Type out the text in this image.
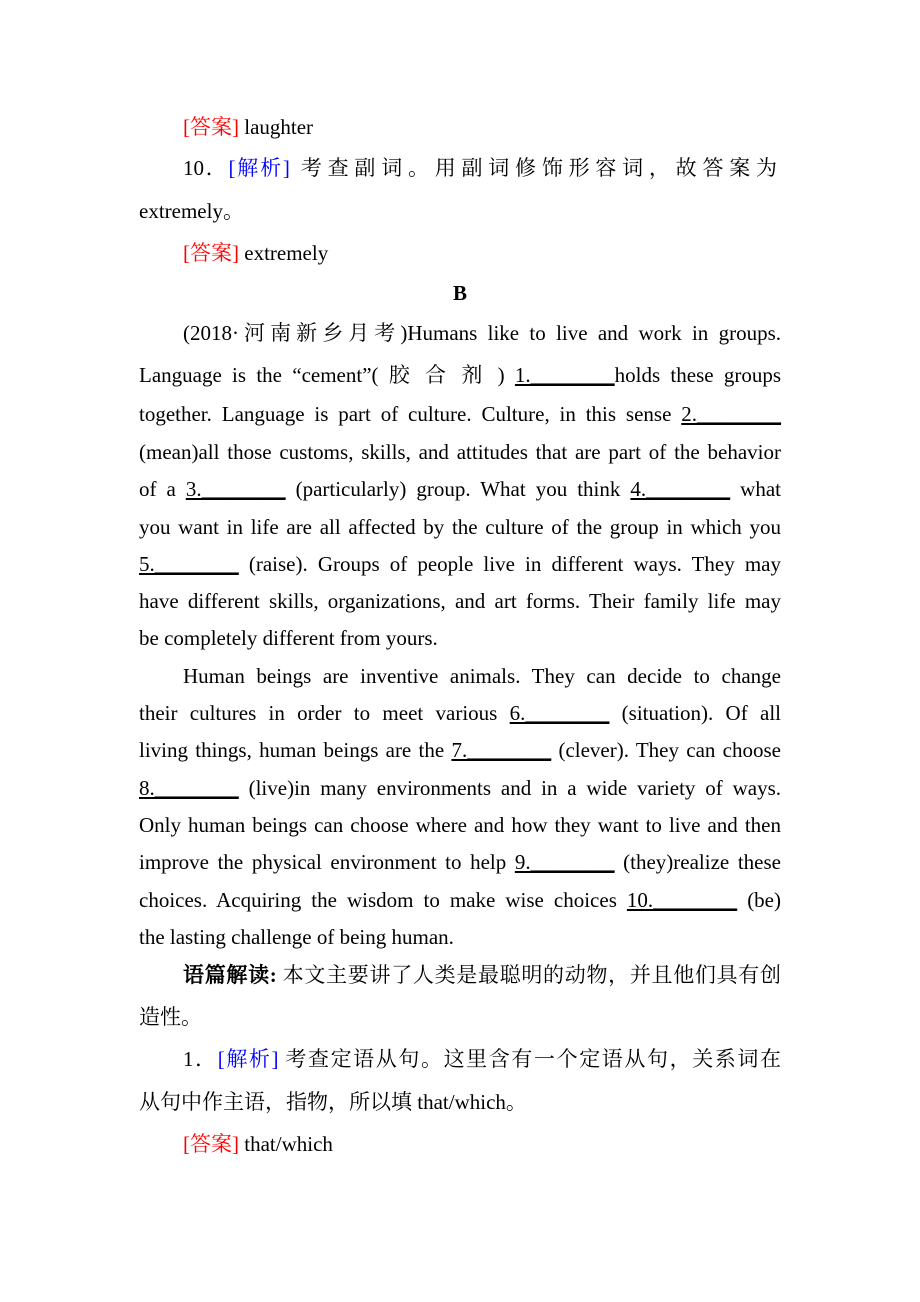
[答案] laughter
10．[解析] 考查副词。用副词修饰形容词，故答案为
extremely。
[答案] extremely
B
(2018·河南新乡月考)Humans like to live and work in groups.
Language is the “cement”( 胶 合 剂 ) 1.________holds these groups
together. Language is part of culture. Culture, in this sense 2.________
(mean)all those customs, skills, and attitudes that are part of the behavior
of a 3.________ (particularly) group. What you think 4.________ what
you want in life are all affected by the culture of the group in which you
5.________ (raise). Groups of people live in different ways. They may
have different skills, organizations, and art forms. Their family life may
be completely different from yours.
Human beings are inventive animals. They can decide to change
their cultures in order to meet various 6.________ (situation). Of all
living things, human beings are the 7.________ (clever). They can choose
8.________ (live)in many environments and in a wide variety of ways.
Only human beings can choose where and how they want to live and then
improve the physical environment to help 9.________ (they)realize these
choices. Acquiring the wisdom to make wise choices 10.________ (be)
the lasting challenge of being human.
语篇解读: 本文主要讲了人类是最聪明的动物，并且他们具有创
造性。
1．[解析] 考查定语从句。这里含有一个定语从句，关系词在
从句中作主语，指物，所以填 that/which。
[答案] that/which
